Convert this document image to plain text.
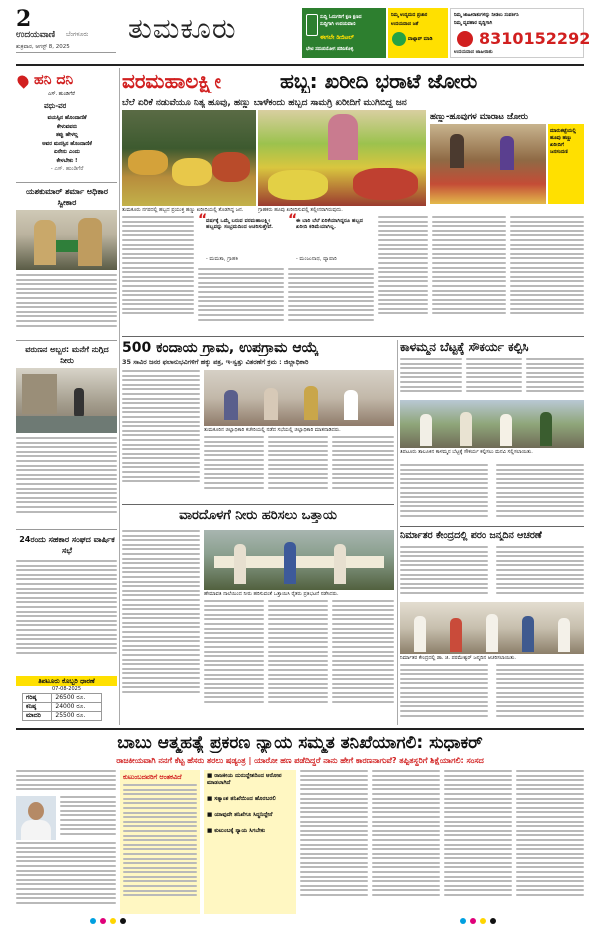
2
ಉದಯವಾಣಿ ಬೆಂಗಳೂರು
ಶುಕ್ರವಾರ, ಆಗಸ್ಟ್ 8, 2025
ತುಮಕೂರು	ಸುದ್ದಿ ಓದುಗರಿಗೆ ಕ್ಷಣ ಕ್ಷಣದ
ಸುದ್ದಿಗಾಗಿ ಉದಯವಾಣಿ
ಈಗಲೇ ಡಿಜಿಟಲ್
ಭೇಟಿ ಸದುಪಯೋಗ ಪಡಿಸಿಕೊಳ್ಳಿ
ನಿಮ್ಮ ಉದ್ಯಮದ ಪ್ರಚಾರ
ಉದಯವಾಣಿ ಜತೆ
ವಾಟ್ಸಾಪ್ ಮಾಡಿ
ನಿಮ್ಮ ಜಾಹೀರಾತುಗಳನ್ನು ನೀಡಲು ಸಂಪರ್ಕಿಸಿ
ನಿಮ್ಮ ವ್ಯವಹಾರ ವೃದ್ಧಿಗಾಗಿ
8310152292
ಉದಯವಾಣಿ ಜಾಹೀರಾತು
ಹನಿ ದನಿ
ಎಸ್. ಹುಂಡಿಗೆರೆ
ವಧು-ವರ
ವಯಸ್ಸಿನ ಹೊಂದಾಣಿಕೆ
ಕೇಳುವವರು
ತಪ್ಪು ಹೇಳಲ್ಲ
ಅವರ ಮನಸ್ಸಿನ ಹೊಂದಾಣಿಕೆ
ಏನೇನು ಎಂದು
ಕೇಳಬೇಕು !
- ಎಸ್. ಹುಂಡಿಗೆರೆ
ಯಶಕುಮಾರ್ ಶರ್ಮಾ ಅಧಿಕಾರ ಸ್ವೀಕಾರ
ವರುಣನ ಅಬ್ಬರ: ಮನೆಗೆ ನುಗ್ಗಿದ ನೀರು
24ರಂದು ಸಹಕಾರ ಸಂಘದ ವಾರ್ಷಿಕ ಸಭೆ
ತಿಪಟೂರು ಕೊಬ್ಬರಿ ಧಾರಣೆ
07-08-2025
ಗರಿಷ್ಠ	26500 ರೂ.
ಕನಿಷ್ಠ	24000 ರೂ.
ಮಾದರಿ	25500 ರೂ.
ವರಮಹಾಲಕ್ಷ್ಮೀ	ಹಬ್ಬ: ಖರೀದಿ ಭರಾಟೆ ಜೋರು
ಬೆಲೆ ಏರಿಕೆ ನಡುವೆಯೂ ನಿತ್ಯ ಹೂವು, ಹಣ್ಣು ಬಾಳೆಕಂದು ಹಬ್ಬದ ಸಾಮಗ್ರಿ ಖರೀದಿಗೆ ಮುಗಿಬಿದ್ದ ಜನ
ತುಮಕೂರು ನಗರದಲ್ಲಿ ಹಬ್ಬದ ಪ್ರಯುಕ್ತ ಹಣ್ಣು ಖರೀದಿಯಲ್ಲಿ ತೊಡಗಿದ್ದ ಜನ.	ಗ್ರಾಹಕರು ಹೂವು ಖರೀದಿಸುವಲ್ಲಿ ತಲ್ಲೀನರಾಗಿರುವುದು.
ಹಣ್ಣು-ಹೂವುಗಳ ಮಾರಾಟ ಜೋರು
ಮಾರುಕಟ್ಟೆಯಲ್ಲಿ ಹೂವು ಹಣ್ಣು ಖರೀದಿಗೆ ಜನಸಂದಣಿ
“
ವರ್ಷಕ್ಕೆ ಒಮ್ಮೆ ಬರುವ ವರಮಹಾಲಕ್ಷ್ಮೀ ಹಬ್ಬವನ್ನು ಸಂಭ್ರಮದಿಂದ ಆಚರಿಸುತ್ತೇವೆ.
- ಮಮತಾ, ಗ್ರಾಹಕಿ
“
ಈ ಬಾರಿ ಬೆಲೆ ಏರಿಕೆಯಾಗಿದ್ದರೂ ಹಬ್ಬದ ಖರೀದಿ ಕಡಿಮೆಯಾಗಿಲ್ಲ.
- ಮಂಜುನಾಥ, ವ್ಯಾಪಾರಿ
500 ಕಂದಾಯ ಗ್ರಾಮ, ಉಪಗ್ರಾಮ ಆಯ್ಕೆ
35 ಸಾವಿರ ಜನರ ಫಲಾನುಭವಿಗಳಿಗೆ ಹಕ್ಕು ಪತ್ರ, ಇ-ಸ್ವತ್ತು ವಿತರಣೆಗೆ ಕ್ರಮ : ಜಿಲ್ಲಾಧಿಕಾರಿ
ತುಮಕೂರಿನ ಜಿಲ್ಲಾಧಿಕಾರಿ ಕಚೇರಿಯಲ್ಲಿ ನಡೆದ ಸಭೆಯಲ್ಲಿ ಜಿಲ್ಲಾಧಿಕಾರಿ ಮಾತನಾಡಿದರು.
ವಾರದೊಳಗೆ ನೀರು ಹರಿಸಲು ಒತ್ತಾಯ
ಹೇಮಾವತಿ ನಾಲೆಯಿಂದ ನೀರು ಹರಿಸುವಂತೆ ಒತ್ತಾಯಿಸಿ ರೈತರು ಪ್ರತಿಭಟನೆ ನಡೆಸಿದರು.
ಕಾಳಮ್ಮನ ಬೆಟ್ಟಕ್ಕೆ ಸೌಕರ್ಯ ಕಲ್ಪಿಸಿ
ತಿಪಟೂರು ತಾಲೂಕಿನ ಕಾಳಮ್ಮನ ಬೆಟ್ಟಕ್ಕೆ ಸೌಕರ್ಯ ಕಲ್ಪಿಸಲು ಮನವಿ ಸಲ್ಲಿಸಲಾಯಿತು.
ನಿರ್ಮಾತರ ಕೇಂದ್ರದಲ್ಲಿ ಪರಂ ಜನ್ಮದಿನ ಆಚರಣೆ
ನಿರ್ಮಾತರ ಕೇಂದ್ರದಲ್ಲಿ ಡಾ. ಜಿ. ಪರಮೇಶ್ವರ್ ಜನ್ಮದಿನ ಆಚರಿಸಲಾಯಿತು.
ಬಾಬು ಆತ್ಮಹತ್ಯೆ ಪ್ರಕರಣ ನ್ಯಾಯ ಸಮ್ಮತ ತನಿಖೆಯಾಗಲಿ: ಸುಧಾಕರ್
ರಾಜಕೀಯವಾಗಿ ನನಗೆ ಕೆಟ್ಟ ಹೆಸರು ತರಲು ಷಡ್ಯಂತ್ರ | ಯಾರೋ ಹಣ ಪಡೆದಿದ್ದರೆ ನಾನು ಹೇಗೆ ಕಾರಣನಾಗುವೆ? ತಪ್ಪಿತಸ್ಥರಿಗೆ ಶಿಕ್ಷೆಯಾಗಲಿ: ಸಂಸದ
ಕುಟುಂಬದವರಿಗೆ ಆಂತಕವಿದೆ	■ ರಾಜಕೀಯ ದುರುದ್ದೇಶದಿಂದ ಆರೋಪ ಮಾಡಲಾಗಿದೆ
■ ಸತ್ಯಾಂಶ ತನಿಖೆಯಿಂದ ಹೊರಬರಲಿ
■ ಯಾವುದೇ ತನಿಖೆಗೂ ಸಿದ್ಧನಿದ್ದೇನೆ
■ ಕುಟುಂಬಕ್ಕೆ ನ್ಯಾಯ ಸಿಗಬೇಕು
